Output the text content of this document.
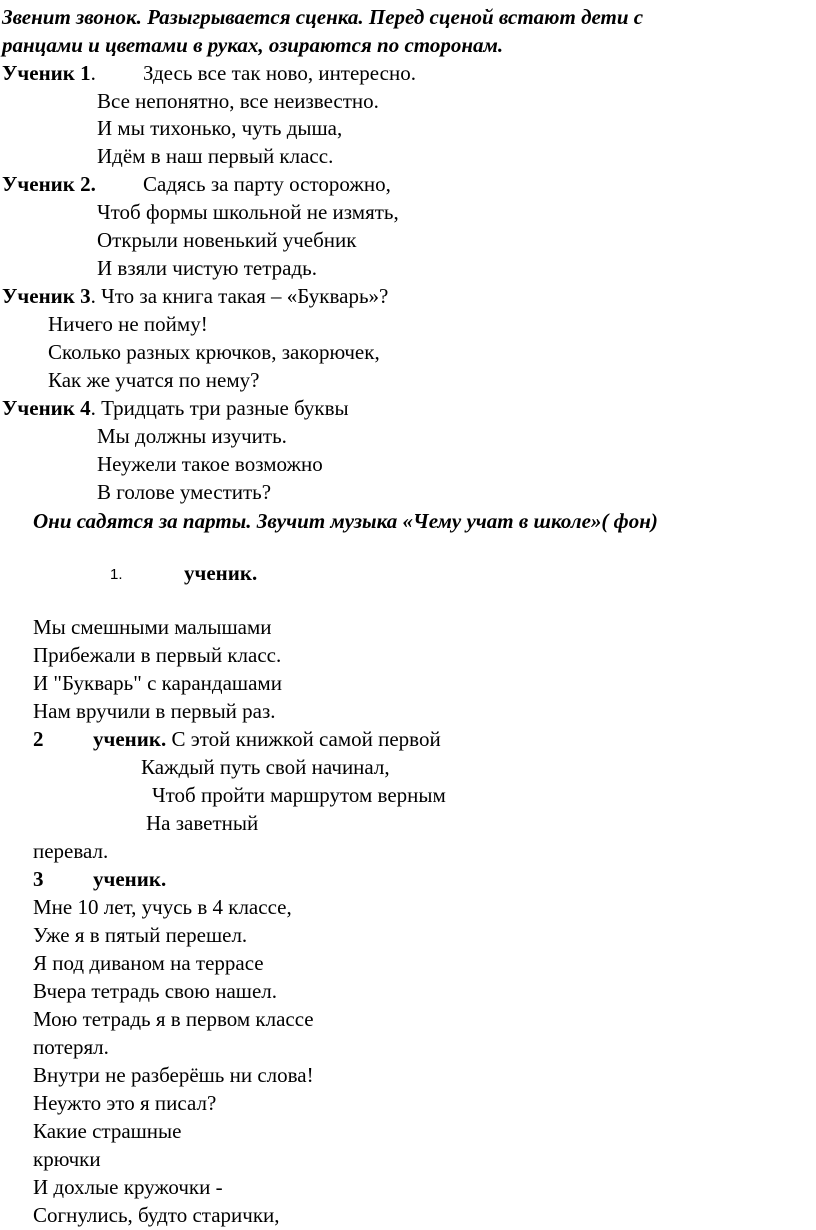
Звенит звонок. Разыгрывается сценка. Перед сценой встают дети с
ранцами и цветами в руках, озираются по сторонам.
Ученик 1. Здесь все так ново, интересно.
Все непонятно, все неизвестно.
И мы тихонько, чуть дыша,
Идём в наш первый класс.
Ученик 2. Садясь за парту осторожно,
Чтоб формы школьной не измять,
Открыли новенький учебник
И взяли чистую тетрадь.
Ученик 3. Что за книга такая – «Букварь»?
Ничего не пойму!
Сколько разных крючков, закорючек,
Как же учатся по нему?
Ученик 4. Тридцать три разные буквы
Мы должны изучить.
Неужели такое возможно
В голове уместить?
Они садятся за парты. Звучит музыка «Чему учат в школе»( фон)
1.	ученик.
Мы смешными малышами
Прибежали в первый класс.
И "Букварь" с карандашами
Нам вручили в первый раз.
2 ученик. С этой книжкой самой первой
Каждый путь свой начинал,
Чтоб пройти маршрутом верным
На заветный
перевал.
3 ученик.
Мне 10 лет, учусь в 4 классе,
Уже я в пятый перешел.
Я под диваном на террасе
Вчера тетрадь свою нашел.
Мою тетрадь я в первом классе
потерял.
Внутри не разберёшь ни слова!
Неужто это я писал?
Какие страшные
крючки
И дохлые кружочки -
Согнулись, будто старички,
